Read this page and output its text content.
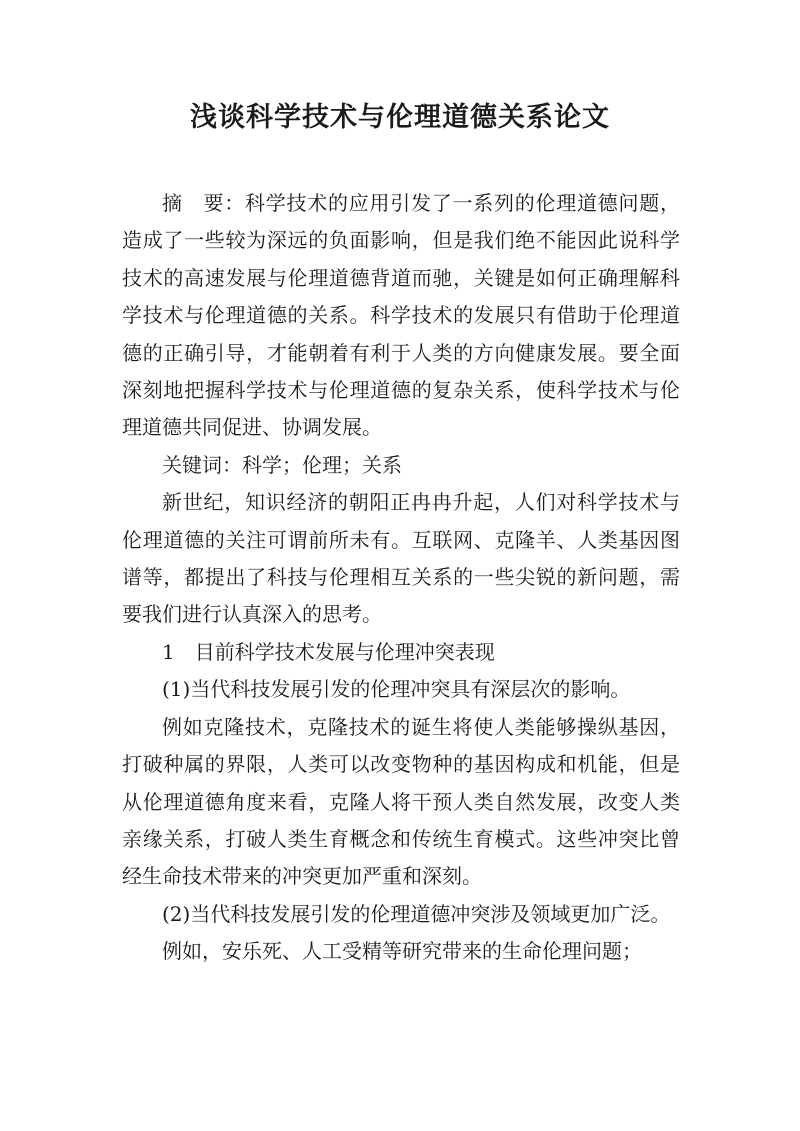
浅谈科学技术与伦理道德关系论文

摘　要：科学技术的应用引发了一系列的伦理道德问题，造成了一些较为深远的负面影响，但是我们绝不能因此说科学技术的高速发展与伦理道德背道而驰，关键是如何正确理解科学技术与伦理道德的关系。科学技术的发展只有借助于伦理道德的正确引导，才能朝着有利于人类的方向健康发展。要全面深刻地把握科学技术与伦理道德的复杂关系，使科学技术与伦理道德共同促进、协调发展。

关键词：科学；伦理；关系

新世纪，知识经济的朝阳正冉冉升起，人们对科学技术与伦理道德的关注可谓前所未有。互联网、克隆羊、人类基因图谱等，都提出了科技与伦理相互关系的一些尖锐的新问题，需要我们进行认真深入的思考。

1　目前科学技术发展与伦理冲突表现

(1)当代科技发展引发的伦理冲突具有深层次的影响。

例如克隆技术，克隆技术的诞生将使人类能够操纵基因，打破种属的界限，人类可以改变物种的基因构成和机能，但是从伦理道德角度来看，克隆人将干预人类自然发展，改变人类亲缘关系，打破人类生育概念和传统生育模式。这些冲突比曾经生命技术带来的冲突更加严重和深刻。

(2)当代科技发展引发的伦理道德冲突涉及领域更加广泛。

例如，安乐死、人工受精等研究带来的生命伦理问题；
